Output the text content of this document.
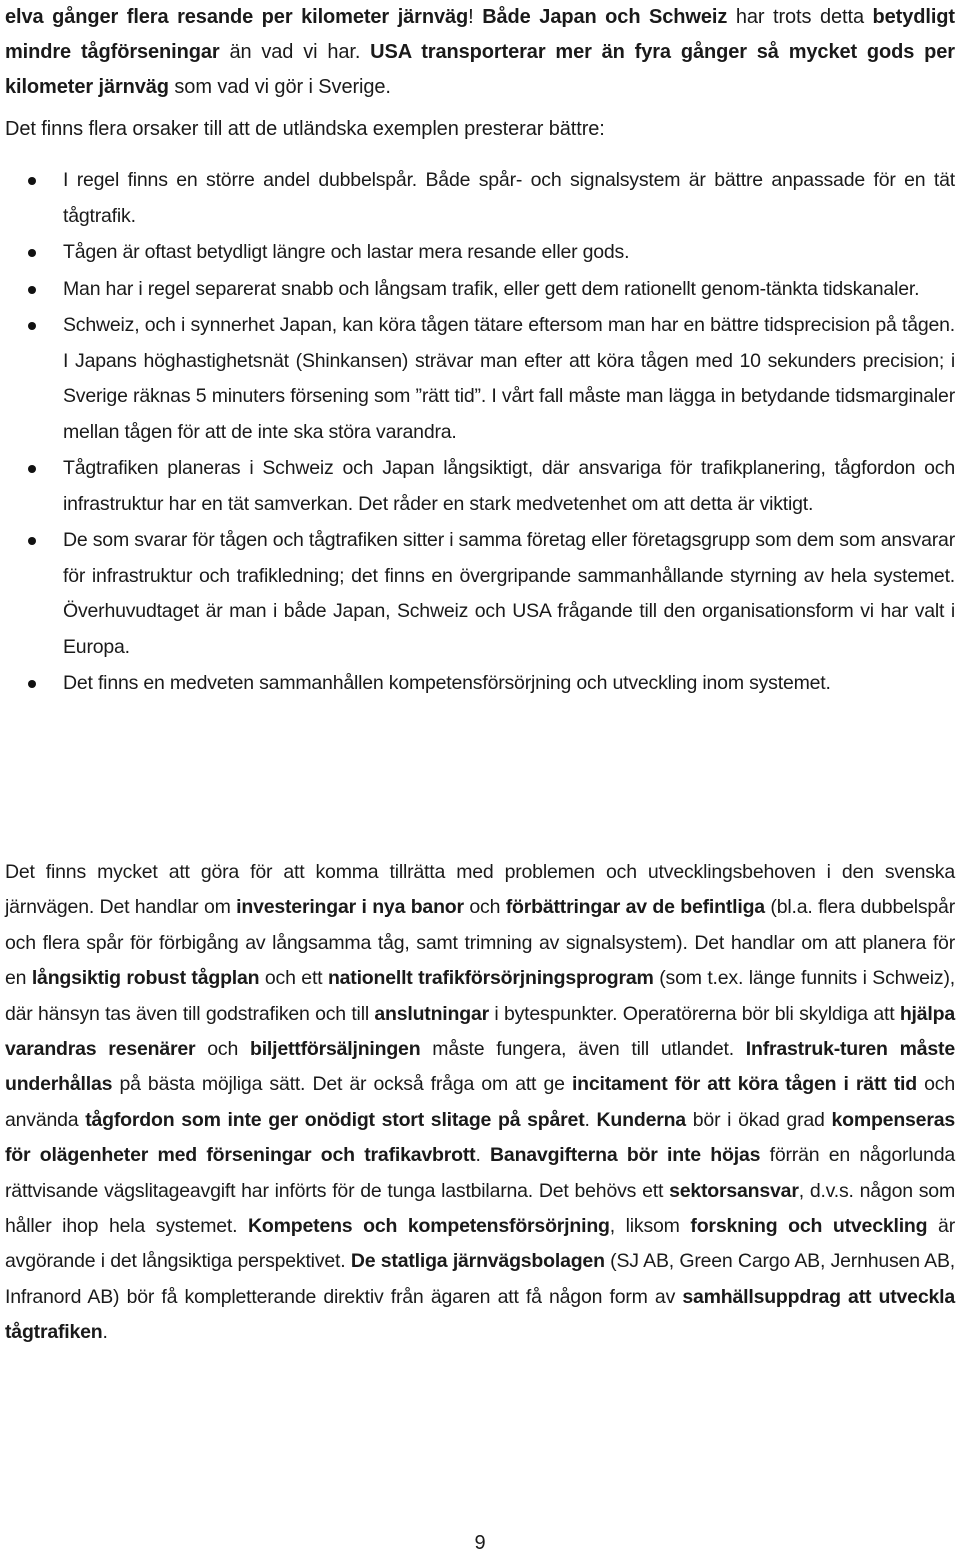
elva gånger flera resande per kilometer järnväg! Både Japan och Schweiz har trots detta betydligt mindre tågförseningar än vad vi har. USA transporterar mer än fyra gånger så mycket gods per kilometer järnväg som vad vi gör i Sverige.

Det finns flera orsaker till att de utländska exemplen presterar bättre:

I regel finns en större andel dubbelspår. Både spår- och signalsystem är bättre anpassade för en tät tågtrafik.
Tågen är oftast betydligt längre och lastar mera resande eller gods.
Man har i regel separerat snabb och långsam trafik, eller gett dem rationellt genom-tänkta tidskanaler.
Schweiz, och i synnerhet Japan, kan köra tågen tätare eftersom man har en bättre tidsprecision på tågen. I Japans höghastighetsnät (Shinkansen) strävar man efter att köra tågen med 10 sekunders precision; i Sverige räknas 5 minuters försening som ”rätt tid”. I vårt fall måste man lägga in betydande tidsmarginaler mellan tågen för att de inte ska störa varandra.
Tågtrafiken planeras i Schweiz och Japan långsiktigt, där ansvariga för trafikplanering, tågfordon och infrastruktur har en tät samverkan. Det råder en stark medvetenhet om att detta är viktigt.
De som svarar för tågen och tågtrafiken sitter i samma företag eller företagsgrupp som dem som ansvarar för infrastruktur och trafikledning; det finns en övergripande sammanhållande styrning av hela systemet. Överhuvudtaget är man i både Japan, Schweiz och USA frågande till den organisationsform vi har valt i Europa.
Det finns en medveten sammanhållen kompetensförsörjning och utveckling inom systemet.

Det finns mycket att göra för att komma tillrätta med problemen och utvecklingsbehoven i den svenska järnvägen. Det handlar om investeringar i nya banor och förbättringar av de befintliga (bl.a. flera dubbelspår och flera spår för förbigång av långsamma tåg, samt trimning av signalsystem). Det handlar om att planera för en långsiktig robust tågplan och ett nationellt trafikförsörjningsprogram (som t.ex. länge funnits i Schweiz), där hänsyn tas även till godstrafiken och till anslutningar i bytespunkter. Operatörerna bör bli skyldiga att hjälpa varandras resenärer och biljettförsäljningen måste fungera, även till utlandet. Infrastruk-turen måste underhållas på bästa möjliga sätt. Det är också fråga om att ge incitament för att köra tågen i rätt tid och använda tågfordon som inte ger onödigt stort slitage på spåret. Kunderna bör i ökad grad kompenseras för olägenheter med förseningar och trafikavbrott. Banavgifterna bör inte höjas förrän en någorlunda rättvisande vägslitageavgift har införts för de tunga lastbilarna. Det behövs ett sektorsansvar, d.v.s. någon som håller ihop hela systemet. Kompetens och kompetensförsörjning, liksom forskning och utveckling är avgörande i det långsiktiga perspektivet. De statliga järnvägsbolagen (SJ AB, Green Cargo AB, Jernhusen AB, Infranord AB) bör få kompletterande direktiv från ägaren att få någon form av samhällsuppdrag att utveckla tågtrafiken.

9
